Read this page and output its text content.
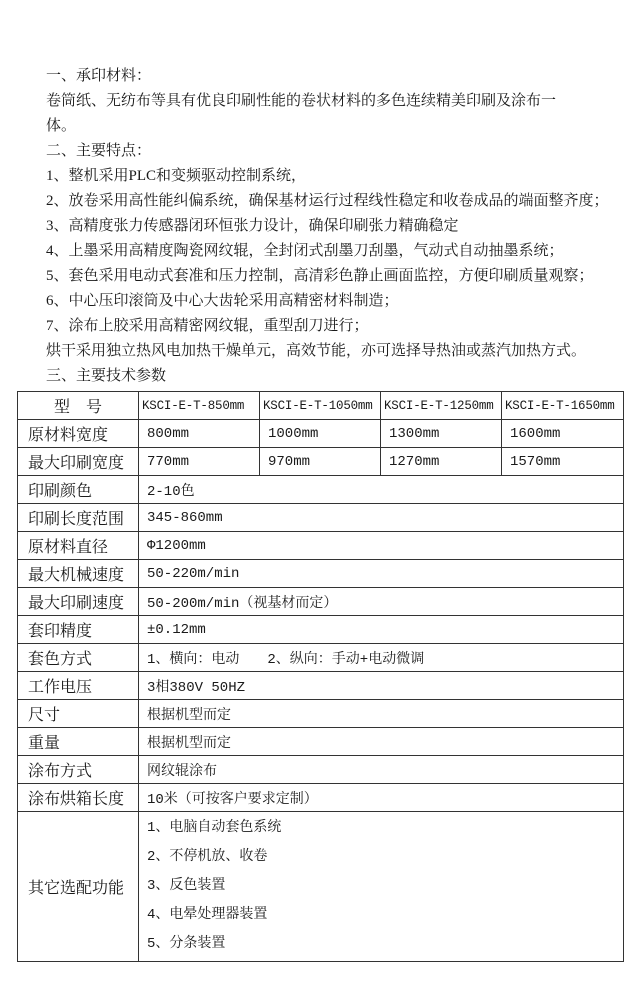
一、承印材料：
卷筒纸、无纺布等具有优良印刷性能的卷状材料的多色连续精美印刷及涂布一
体。
二、主要特点：
1、整机采用PLC和变频驱动控制系统，
2、放卷采用高性能纠偏系统，确保基材运行过程线性稳定和收卷成品的端面整齐度；
3、高精度张力传感器闭环恒张力设计，确保印刷张力精确稳定
4、上墨采用高精度陶瓷网纹辊，全封闭式刮墨刀刮墨，气动式自动抽墨系统；
5、套色采用电动式套准和压力控制，高清彩色静止画面监控，方便印刷质量观察；
6、中心压印滚筒及中心大齿轮采用高精密材料制造；
7、涂布上胶采用高精密网纹辊，重型刮刀进行；
烘干采用独立热风电加热干燥单元，高效节能，亦可选择导热油或蒸汽加热方式。
三、主要技术参数
型　号	KSCI-E-T-850mm	KSCI-E-T-1050mm	KSCI-E-T-1250mm	KSCI-E-T-1650mm
原材料宽度	800mm	1000mm	1300mm	1600mm
最大印刷宽度	770mm	970mm	1270mm	1570mm
印刷颜色	2-10色			
印刷长度范围	345-860mm			
原材料直径	Φ1200mm			
最大机械速度	50-220m/min			
最大印刷速度	50-200m/min（视基材而定）			
套印精度	±0.12mm			
套色方式	1、横向：电动　　2、纵向：手动+电动微调			
工作电压	3相380V 50HZ			
尺寸	根据机型而定			
重量	根据机型而定			
涂布方式	网纹辊涂布			
涂布烘箱长度	10米（可按客户要求定制）			
其它选配功能	1、电脑自动套色系统
2、不停机放、收卷
3、反色装置
4、电晕处理器装置
5、分条装置			
